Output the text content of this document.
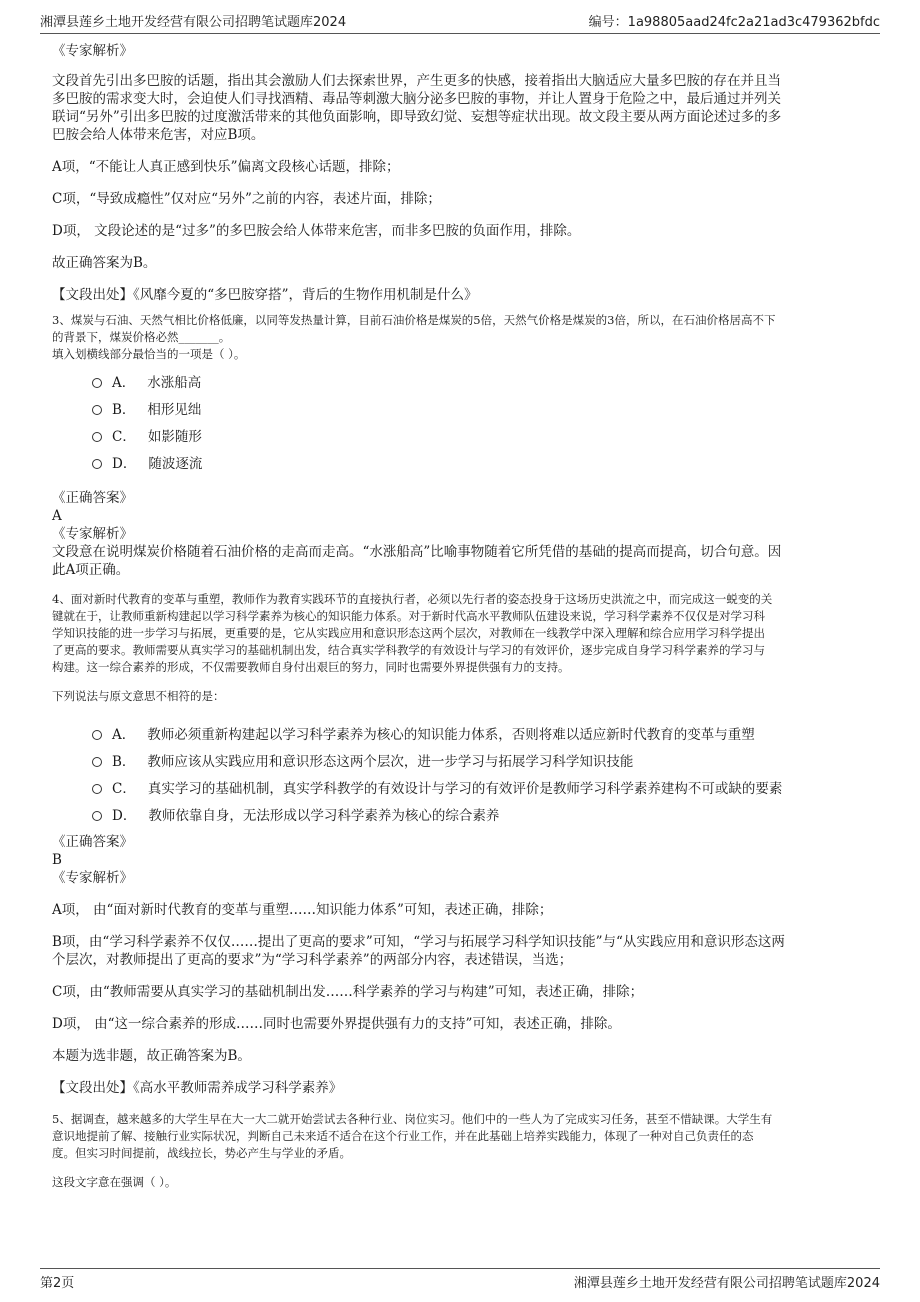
湘潭县莲乡土地开发经营有限公司招聘笔试题库2024	编号：1a98805aad24fc2a21ad3c479362bfdc

《专家解析》

文段首先引出多巴胺的话题，指出其会激励人们去探索世界，产生更多的快感，接着指出大脑适应大量多巴胺的存在并且当

多巴胺的需求变大时，会迫使人们寻找酒精、毒品等刺激大脑分泌多巴胺的事物，并让人置身于危险之中，最后通过并列关

联词“另外”引出多巴胺的过度激活带来的其他负面影响，即导致幻觉、妄想等症状出现。故文段主要从两方面论述过多的多

巴胺会给人体带来危害，对应B项。

A项，“不能让人真正感到快乐”偏离文段核心话题，排除；

C项，“导致成瘾性”仅对应“另外”之前的内容，表述片面，排除；

D项， 文段论述的是“过多”的多巴胺会给人体带来危害，而非多巴胺的负面作用，排除。

故正确答案为B。

【文段出处】《风靡今夏的“多巴胺穿搭”，背后的生物作用机制是什么》

3、煤炭与石油、天然气相比价格低廉，以同等发热量计算，目前石油价格是煤炭的5倍，天然气价格是煤炭的3倍，所以，在石油价格居高不下

的背景下，煤炭价格必然_______。

填入划横线部分最恰当的一项是（ ）。

A． 水涨船高
B． 相形见绌
C． 如影随形
D． 随波逐流

《正确答案》

A

《专家解析》

文段意在说明煤炭价格随着石油价格的走高而走高。“水涨船高”比喻事物随着它所凭借的基础的提高而提高，切合句意。因

此A项正确。

4、面对新时代教育的变革与重塑，教师作为教育实践环节的直接执行者，必须以先行者的姿态投身于这场历史洪流之中，而完成这一蜕变的关

键就在于，让教师重新构建起以学习科学素养为核心的知识能力体系。对于新时代高水平教师队伍建设来说，学习科学素养不仅仅是对学习科

学知识技能的进一步学习与拓展，更重要的是，它从实践应用和意识形态这两个层次，对教师在一线教学中深入理解和综合应用学习科学提出

了更高的要求。教师需要从真实学习的基础机制出发，结合真实学科教学的有效设计与学习的有效评价，逐步完成自身学习科学素养的学习与

构建。这一综合素养的形成，不仅需要教师自身付出艰巨的努力，同时也需要外界提供强有力的支持。

下列说法与原文意思不相符的是：

A． 教师必须重新构建起以学习科学素养为核心的知识能力体系，否则将难以适应新时代教育的变革与重塑
B． 教师应该从实践应用和意识形态这两个层次，进一步学习与拓展学习科学知识技能
C． 真实学习的基础机制，真实学科教学的有效设计与学习的有效评价是教师学习科学素养建构不可或缺的要素
D． 教师依靠自身，无法形成以学习科学素养为核心的综合素养

《正确答案》

B

《专家解析》

A项， 由“面对新时代教育的变革与重塑……知识能力体系”可知，表述正确，排除；

B项，由“学习科学素养不仅仅……提出了更高的要求”可知，“学习与拓展学习科学知识技能”与“从实践应用和意识形态这两

个层次，对教师提出了更高的要求”为“学习科学素养”的两部分内容，表述错误，当选；

C项，由“教师需要从真实学习的基础机制出发……科学素养的学习与构建”可知，表述正确，排除；

D项， 由“这一综合素养的形成……同时也需要外界提供强有力的支持”可知，表述正确，排除。

本题为选非题，故正确答案为B。

【文段出处】《高水平教师需养成学习科学素养》

5、据调查，越来越多的大学生早在大一大二就开始尝试去各种行业、岗位实习。他们中的一些人为了完成实习任务，甚至不惜缺课。大学生有

意识地提前了解、接触行业实际状况，判断自己未来适不适合在这个行业工作，并在此基础上培养实践能力，体现了一种对自己负责任的态

度。但实习时间提前，战线拉长，势必产生与学业的矛盾。

这段文字意在强调（ ）。

第2页	湘潭县莲乡土地开发经营有限公司招聘笔试题库2024
